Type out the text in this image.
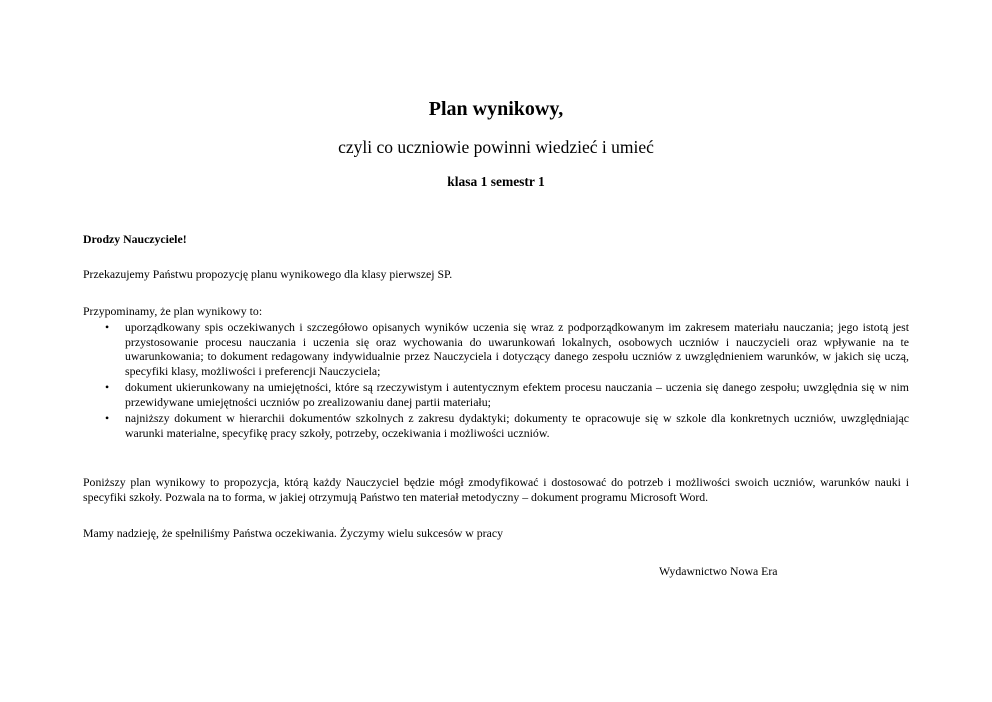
Plan wynikowy,
czyli co uczniowie powinni wiedzieć i umieć
klasa 1 semestr 1
Drodzy Nauczyciele!
Przekazujemy Państwu propozycję planu wynikowego dla klasy pierwszej SP.
Przypominamy, że plan wynikowy to:
• uporządkowany spis oczekiwanych i szczegółowo opisanych wyników uczenia się wraz z podporządkowanym im zakresem materiału nauczania; jego istotą jest przystosowanie procesu nauczania i uczenia się oraz wychowania do uwarunkowań lokalnych, osobowych uczniów i nauczycieli oraz wpływanie na te uwarunkowania; to dokument redagowany indywidualnie przez Nauczyciela i dotyczący danego zespołu uczniów z uwzględnieniem warunków, w jakich się uczą, specyfiki klasy, możliwości i preferencji Nauczyciela;
• dokument ukierunkowany na umiejętności, które są rzeczywistym i autentycznym efektem procesu nauczania – uczenia się danego zespołu; uwzględnia się w nim przewidywane umiejętności uczniów po zrealizowaniu danej partii materiału;
• najniższy dokument w hierarchii dokumentów szkolnych z zakresu dydaktyki; dokumenty te opracowuje się w szkole dla konkretnych uczniów, uwzględniając warunki materialne, specyfikę pracy szkoły, potrzeby, oczekiwania i możliwości uczniów.
Poniższy plan wynikowy to propozycja, którą każdy Nauczyciel będzie mógł zmodyfikować i dostosować do potrzeb i możliwości swoich uczniów, warunków nauki i specyfiki szkoły. Pozwala na to forma, w jakiej otrzymują Państwo ten materiał metodyczny – dokument programu Microsoft Word.
Mamy nadzieję, że spełniliśmy Państwa oczekiwania. Życzymy wielu sukcesów w pracy
Wydawnictwo Nowa Era
